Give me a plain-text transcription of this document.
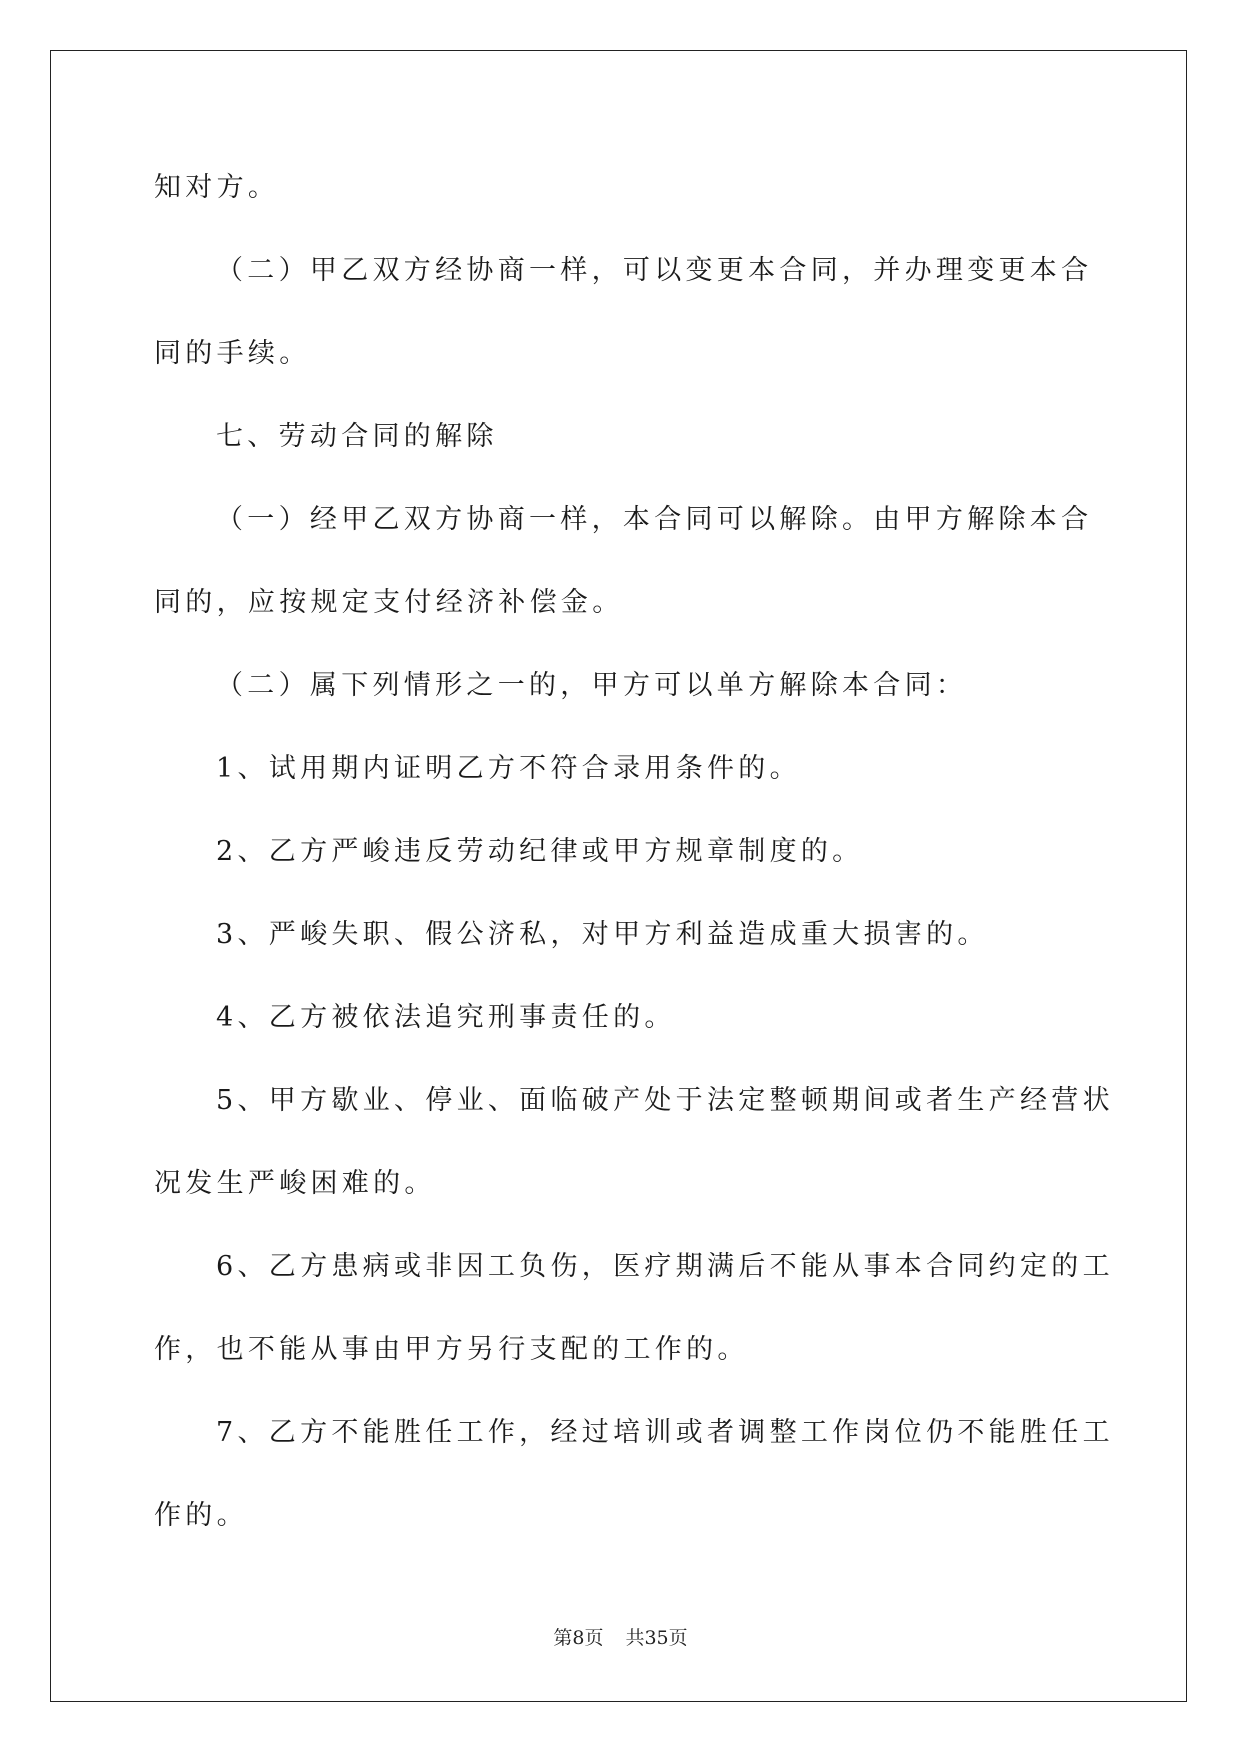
知对方。
（二）甲乙双方经协商一样，可以变更本合同，并办理变更本合
同的手续。
七、劳动合同的解除
（一）经甲乙双方协商一样，本合同可以解除。由甲方解除本合
同的，应按规定支付经济补偿金。
（二）属下列情形之一的，甲方可以单方解除本合同：
1、试用期内证明乙方不符合录用条件的。
2、乙方严峻违反劳动纪律或甲方规章制度的。
3、严峻失职、假公济私，对甲方利益造成重大损害的。
4、乙方被依法追究刑事责任的。
5、甲方歇业、停业、面临破产处于法定整顿期间或者生产经营状
况发生严峻困难的。
6、乙方患病或非因工负伤，医疗期满后不能从事本合同约定的工
作，也不能从事由甲方另行支配的工作的。
7、乙方不能胜任工作，经过培训或者调整工作岗位仍不能胜任工
作的。
第8页 共35页
